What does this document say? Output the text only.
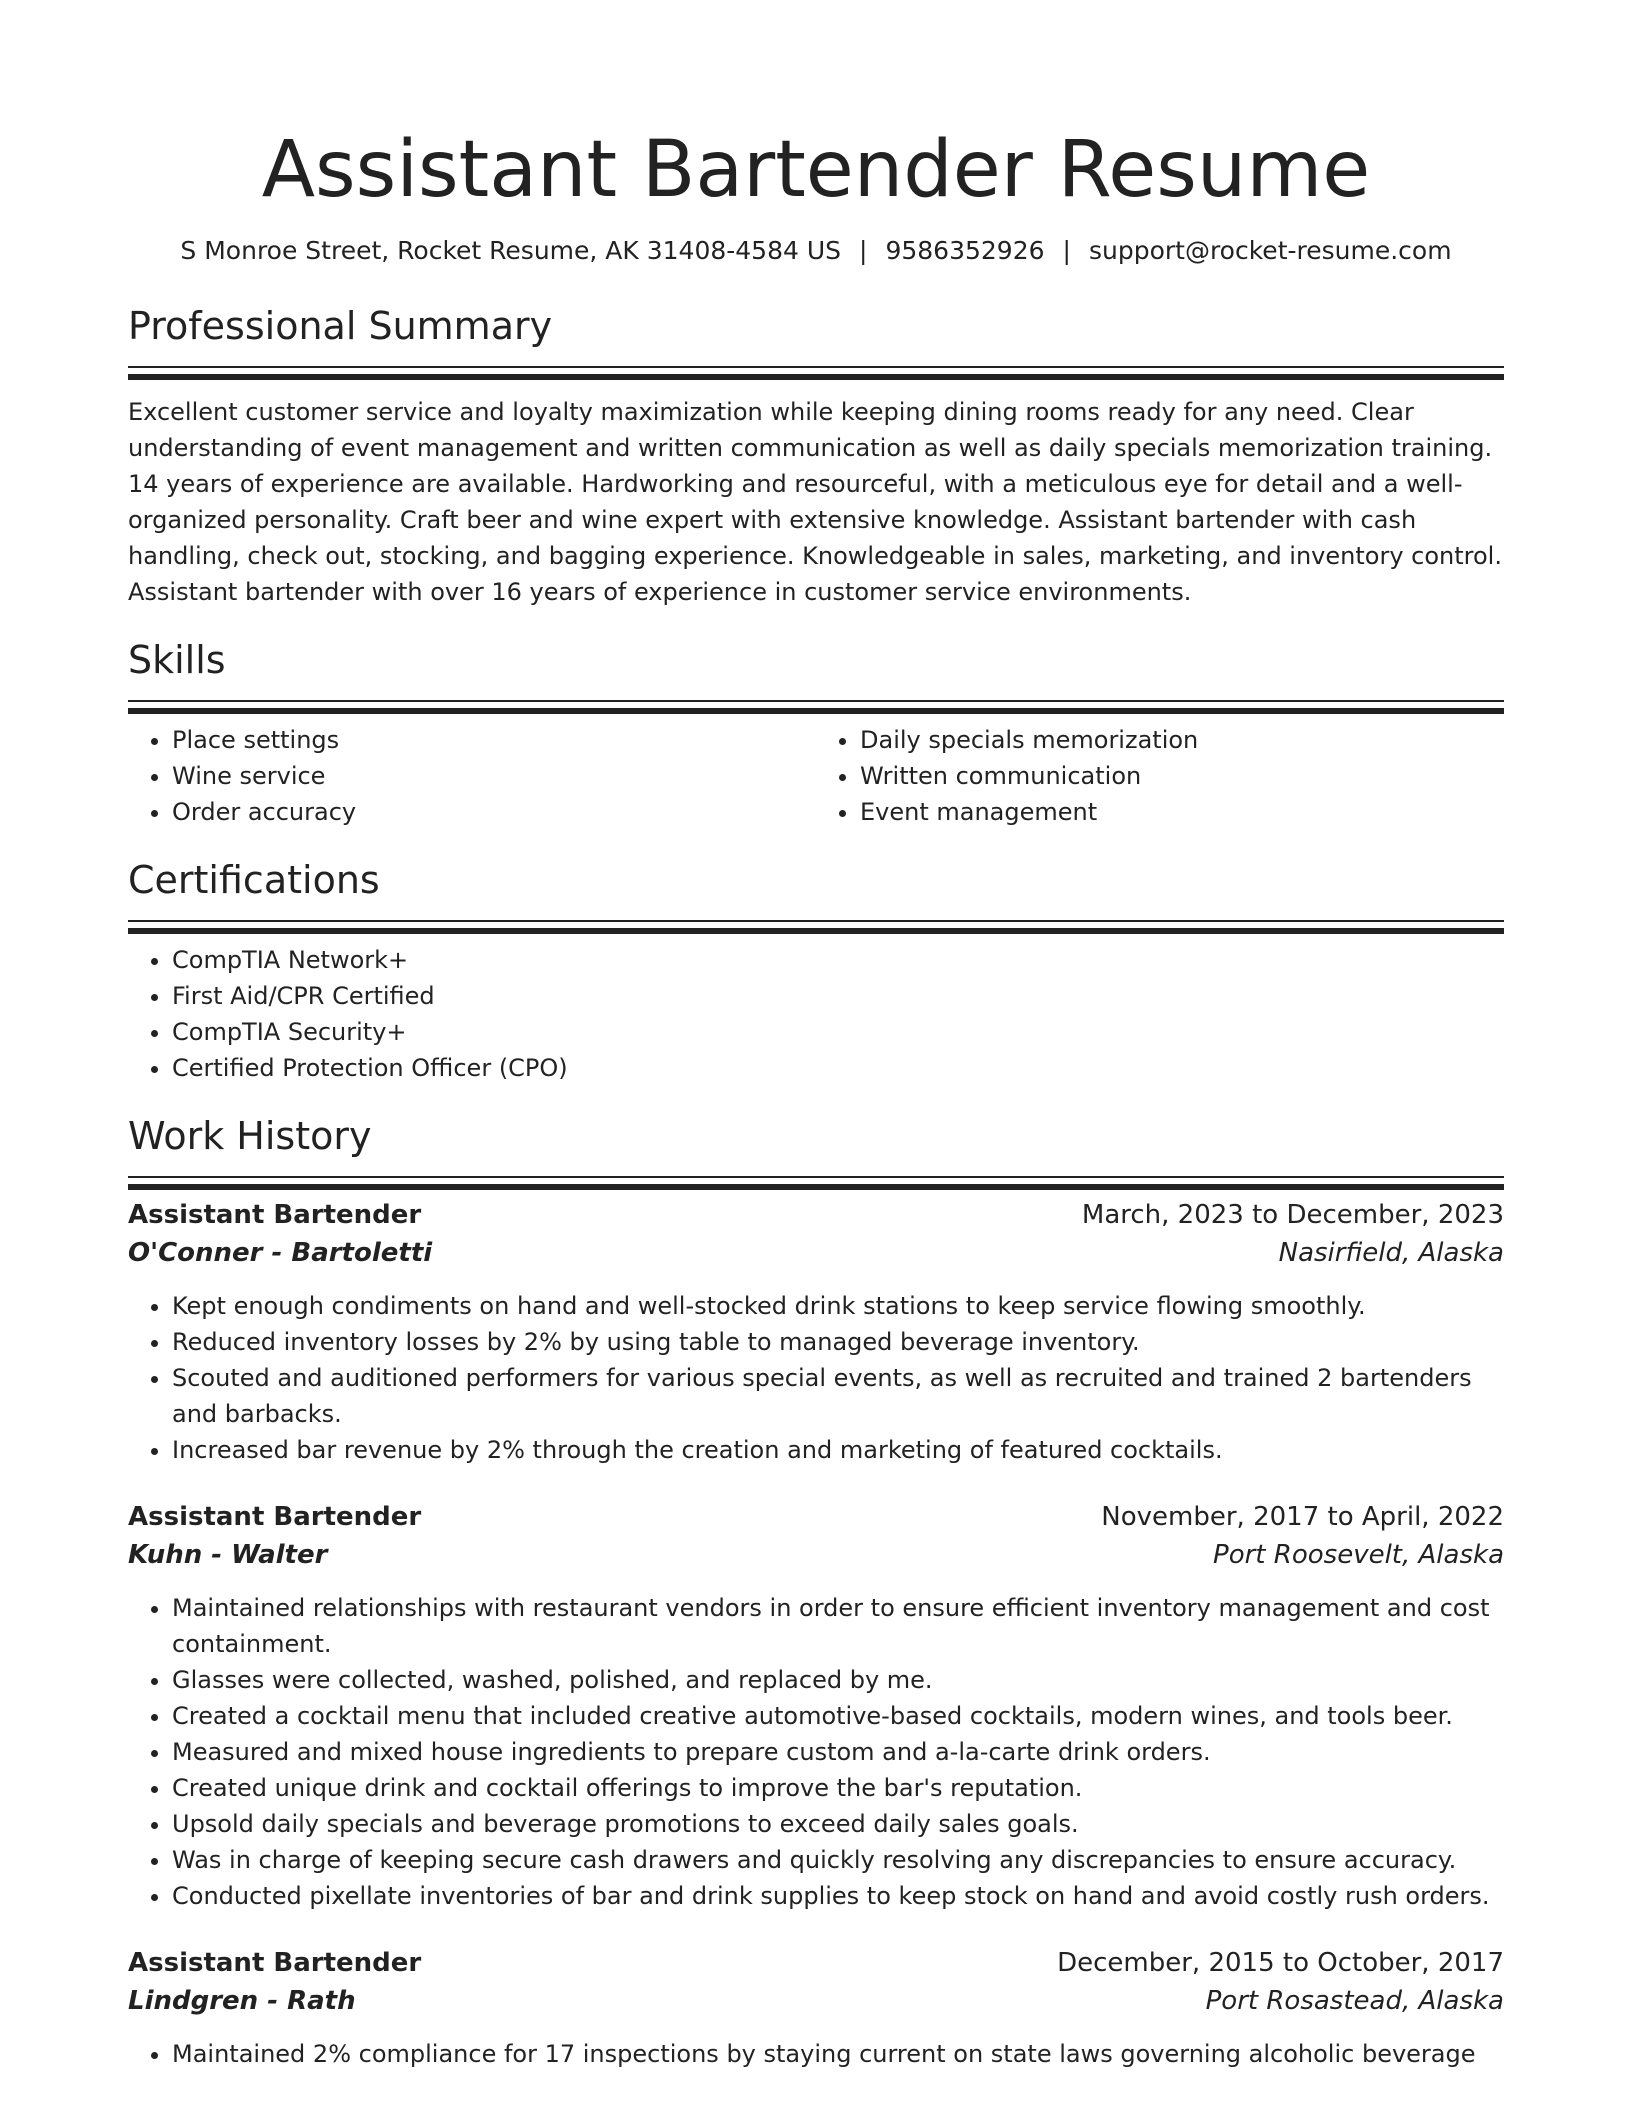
Assistant Bartender Resume
S Monroe Street, Rocket Resume, AK 31408-4584 US | 9586352926 | support@rocket-resume.com
Professional Summary

Excellent customer service and loyalty maximization while keeping dining rooms ready for any need. Clear understanding of event management and written communication as well as daily specials memorization training. 14 years of experience are available. Hardworking and resourceful, with a meticulous eye for detail and a well-organized personality. Craft beer and wine expert with extensive knowledge. Assistant bartender with cash handling, check out, stocking, and bagging experience. Knowledgeable in sales, marketing, and inventory control. Assistant bartender with over 16 years of experience in customer service environments.

Skills
• Place settings
• Wine service
• Order accuracy
• Daily specials memorization
• Written communication
• Event management
Certifications
• CompTIA Network+
• First Aid/CPR Certified
• CompTIA Security+
• Certified Protection Officer (CPO)
Work History
Assistant Bartender	March, 2023 to December, 2023
O'Conner - Bartoletti	Nasirfield, Alaska
• Kept enough condiments on hand and well-stocked drink stations to keep service flowing smoothly.
• Reduced inventory losses by 2% by using table to managed beverage inventory.
• Scouted and auditioned performers for various special events, as well as recruited and trained 2 bartenders and barbacks.
• Increased bar revenue by 2% through the creation and marketing of featured cocktails.
Assistant Bartender	November, 2017 to April, 2022
Kuhn - Walter	Port Roosevelt, Alaska
• Maintained relationships with restaurant vendors in order to ensure efficient inventory management and cost containment.
• Glasses were collected, washed, polished, and replaced by me.
• Created a cocktail menu that included creative automotive-based cocktails, modern wines, and tools beer.
• Measured and mixed house ingredients to prepare custom and a-la-carte drink orders.
• Created unique drink and cocktail offerings to improve the bar's reputation.
• Upsold daily specials and beverage promotions to exceed daily sales goals.
• Was in charge of keeping secure cash drawers and quickly resolving any discrepancies to ensure accuracy.
• Conducted pixellate inventories of bar and drink supplies to keep stock on hand and avoid costly rush orders.
Assistant Bartender	December, 2015 to October, 2017
Lindgren - Rath	Port Rosastead, Alaska
• Maintained 2% compliance for 17 inspections by staying current on state laws governing alcoholic beverage
